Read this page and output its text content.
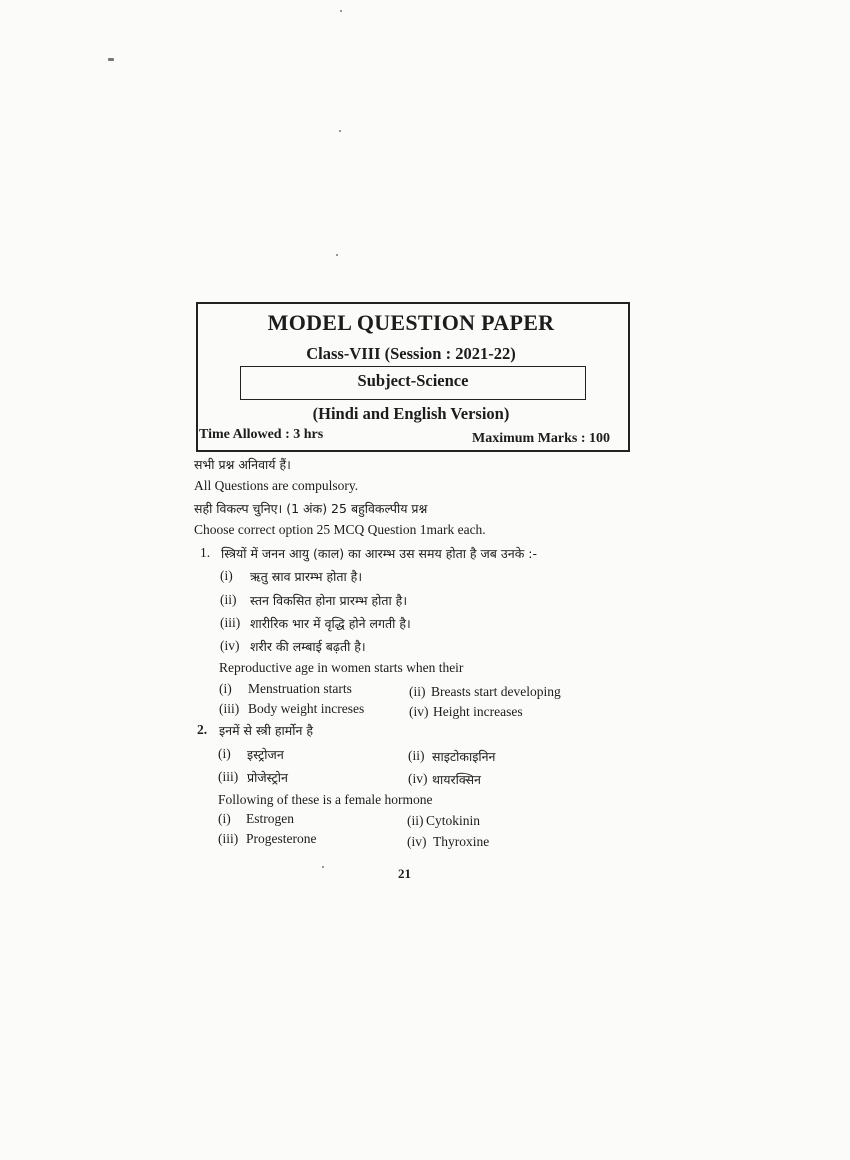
MODEL QUESTION PAPER
Class-VIII (Session : 2021-22)
Subject-Science
(Hindi and English Version)
Time Allowed : 3 hrs	Maximum Marks : 100
सभी प्रश्न अनिवार्य हैं।
All Questions are compulsory.
सही विकल्प चुनिए। (1 अंक) 25 बहुविकल्पीय प्रश्न
Choose correct option 25 MCQ Question 1mark each.
1. स्त्रियों में जनन आयु (काल) का आरम्भ उस समय होता है जब उनके :-
(i) ऋतु स्राव प्रारम्भ होता है।
(ii) स्तन विकसित होना प्रारम्भ होता है।
(iii) शारीरिक भार में वृद्धि होने लगती है।
(iv) शरीर की लम्बाई बढ़ती है।
Reproductive age in women starts when their
(i) Menstruation starts	(ii) Breasts start developing
(iii) Body weight increses	(iv) Height increases
2. इनमें से स्त्री हार्मोन है
(i) इस्ट्रोजन	(ii) साइटोकाइनिन
(iii) प्रोजेस्ट्रोन	(iv) थायरक्सिन
Following of these is a female hormone
(i) Estrogen	(ii) Cytokinin
(iii) Progesterone	(iv) Thyroxine
21
